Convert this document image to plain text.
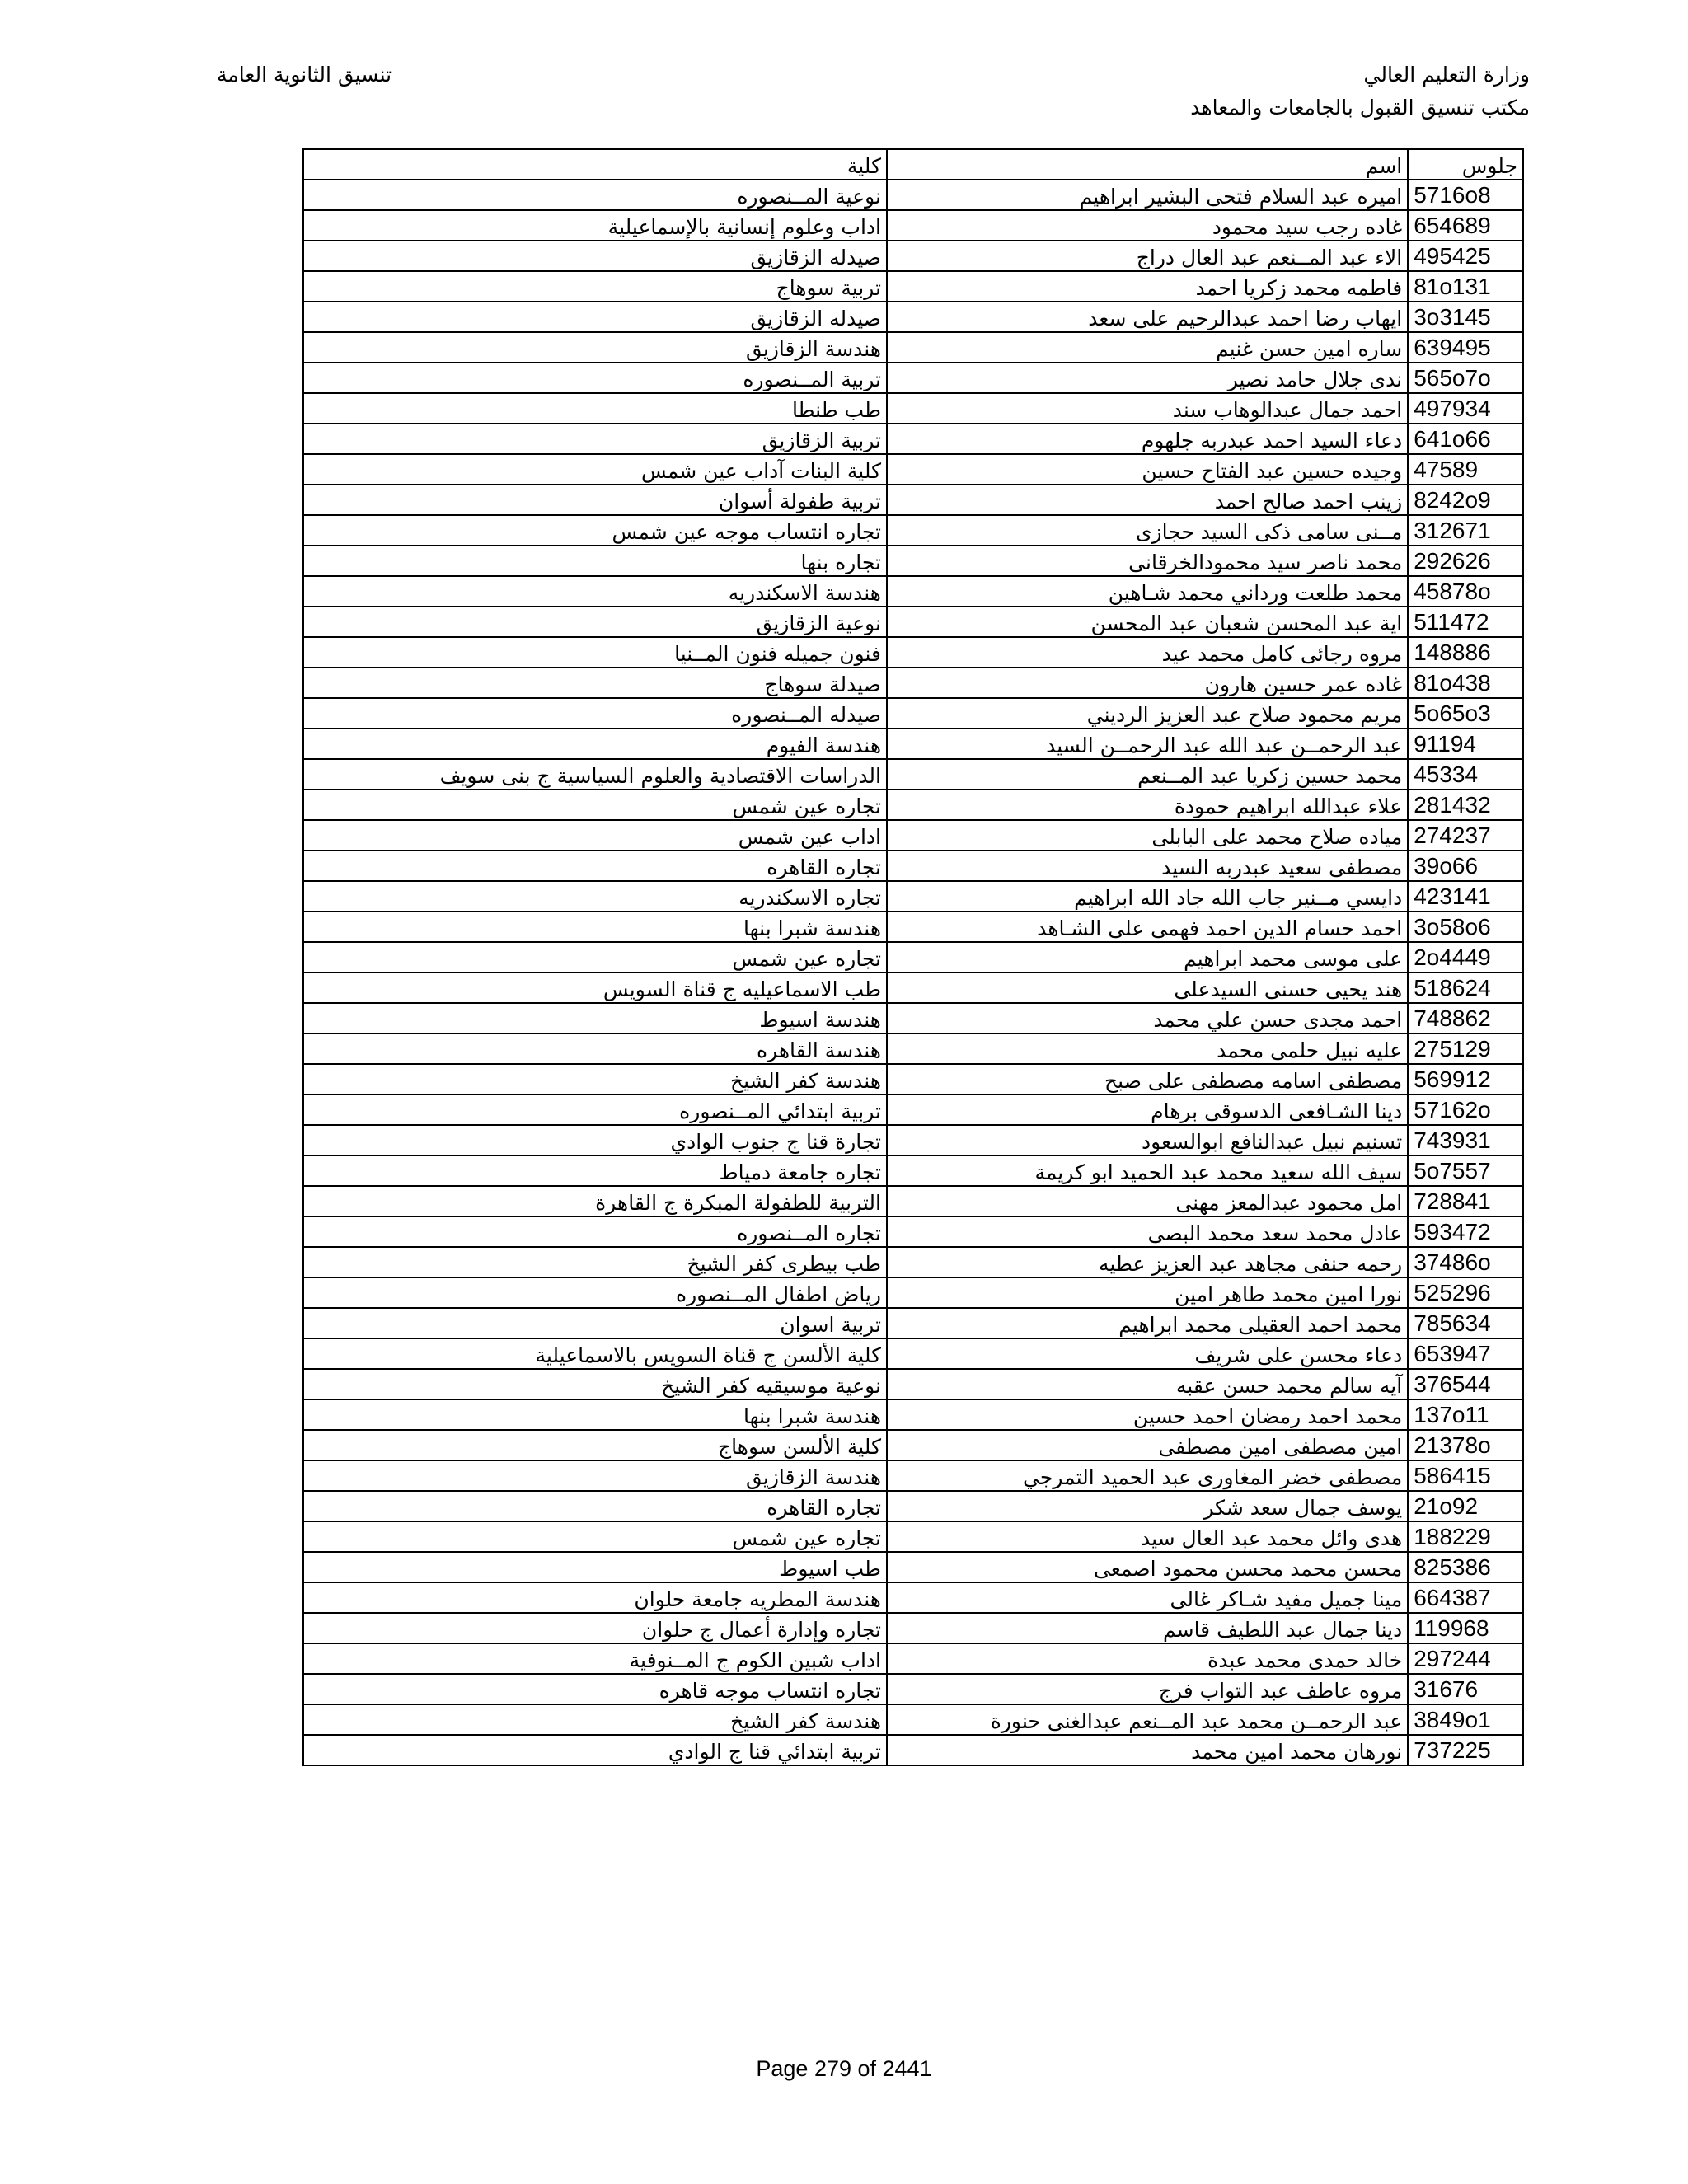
وزارة التعليم العالي
مكتب تنسيق القبول بالجامعات والمعاهد
تنسيق الثانوية العامة
جلوس	اسم	كلية
5716o8	اميره عبد السلام فتحى البشير ابراهيم	نوعية المــنصوره
654689	غاده رجب سيد محمود	اداب وعلوم إنسانية بالإسماعيلية
495425	الاء عبد المــنعم عبد العال دراج	صيدله الزقازيق
81o131	فاطمه محمد زكريا احمد	تربية سوهاج
3o3145	ايهاب رضا احمد عبدالرحيم على سعد	صيدله الزقازيق
639495	ساره امين حسن غنيم	هندسة الزقازيق
565o7o	ندى جلال حامد نصير	تربية المــنصوره
497934	احمد جمال عبدالوهاب سند	طب طنطا
641o66	دعاء السيد احمد عبدربه جلهوم	تربية الزقازيق
47589	وجيده حسين عبد الفتاح حسين	كلية البنات آداب عين شمس
8242o9	زينب احمد صالح احمد	تربية طفولة أسوان
312671	مــنى سامى ذكى السيد حجازى	تجاره انتساب موجه عين شمس
292626	محمد ناصر سيد محمودالخرقانى	تجاره بنها
45878o	محمد طلعت ورداني محمد شـاهين	هندسة الاسكندريه
511472	اية عبد المحسن شعبان عبد المحسن	نوعية الزقازيق
148886	مروه رجائى كامل محمد عيد	فنون جميله فنون المــنيا
81o438	غاده عمر حسين هارون	صيدلة سوهاج
5o65o3	مريم محمود صلاح عبد العزيز الرديني	صيدله المــنصوره
91194	عبد الرحمــن عبد الله عبد الرحمــن السيد	هندسة الفيوم
45334	محمد حسين زكريا عبد المــنعم	الدراسات الاقتصادية والعلوم السياسية ج بنى سويف
281432	علاء عبدالله ابراهيم حمودة	تجاره عين شمس
274237	مياده صلاح محمد على البابلى	اداب عين شمس
39o66	مصطفى سعيد عبدربه السيد	تجاره القاهره
423141	دايسي مــنير جاب الله جاد الله ابراهيم	تجاره الاسكندريه
3o58o6	احمد حسام الدين احمد فهمى على الشـاهد	هندسة شبرا بنها
2o4449	على موسى محمد ابراهيم	تجاره عين شمس
518624	هند يحيى حسنى السيدعلى	طب الاسماعيليه ج قناة السويس
748862	احمد مجدى حسن علي محمد	هندسة اسيوط
275129	عليه نبيل حلمى محمد	هندسة القاهره
569912	مصطفى اسامه مصطفى على صبح	هندسة كفر الشيخ
57162o	دينا الشـافعى الدسوقى برهام	تربية ابتدائي المــنصوره
743931	تسنيم نبيل عبدالنافع ابوالسعود	تجارة قنا ج جنوب الوادي
5o7557	سيف الله سعيد محمد عبد الحميد ابو كريمة	تجاره جامعة دمياط
728841	امل محمود عبدالمعز مهنى	التربية للطفولة المبكرة ج القاهرة
593472	عادل محمد سعد محمد البصى	تجاره المــنصوره
37486o	رحمه حنفى مجاهد عبد العزيز عطيه	طب بيطرى كفر الشيخ
525296	نورا امين محمد طاهر امين	رياض اطفال المــنصوره
785634	محمد احمد العقيلى محمد ابراهيم	تربية اسوان
653947	دعاء محسن على شريف	كلية الألسن ج قناة السويس بالاسماعيلية
376544	آيه سالم محمد حسن عقبه	نوعية موسيقيه كفر الشيخ
137o11	محمد احمد رمضان احمد حسين	هندسة شبرا بنها
21378o	امين مصطفى امين مصطفى	كلية الألسن سوهاج
586415	مصطفى خضر المغاورى عبد الحميد التمرجي	هندسة الزقازيق
21o92	يوسف جمال سعد شكر	تجاره القاهره
188229	هدى وائل محمد عبد العال سيد	تجاره عين شمس
825386	محسن محمد محسن محمود اصمعى	طب اسيوط
664387	مينا جميل مفيد شـاكر غالى	هندسة المطريه جامعة حلوان
119968	دينا جمال عبد اللطيف قاسم	تجاره وإدارة أعمال ج حلوان
297244	خالد حمدى محمد عبدة	اداب شبين الكوم ج المــنوفية
31676	مروه عاطف عبد التواب فرج	تجاره انتساب موجه قاهره
3849o1	عبد الرحمــن محمد عبد المــنعم عبدالغنى حنورة	هندسة كفر الشيخ
737225	نورهان محمد امين محمد	تربية ابتدائي قنا ج الوادي
Page 279 of 2441
